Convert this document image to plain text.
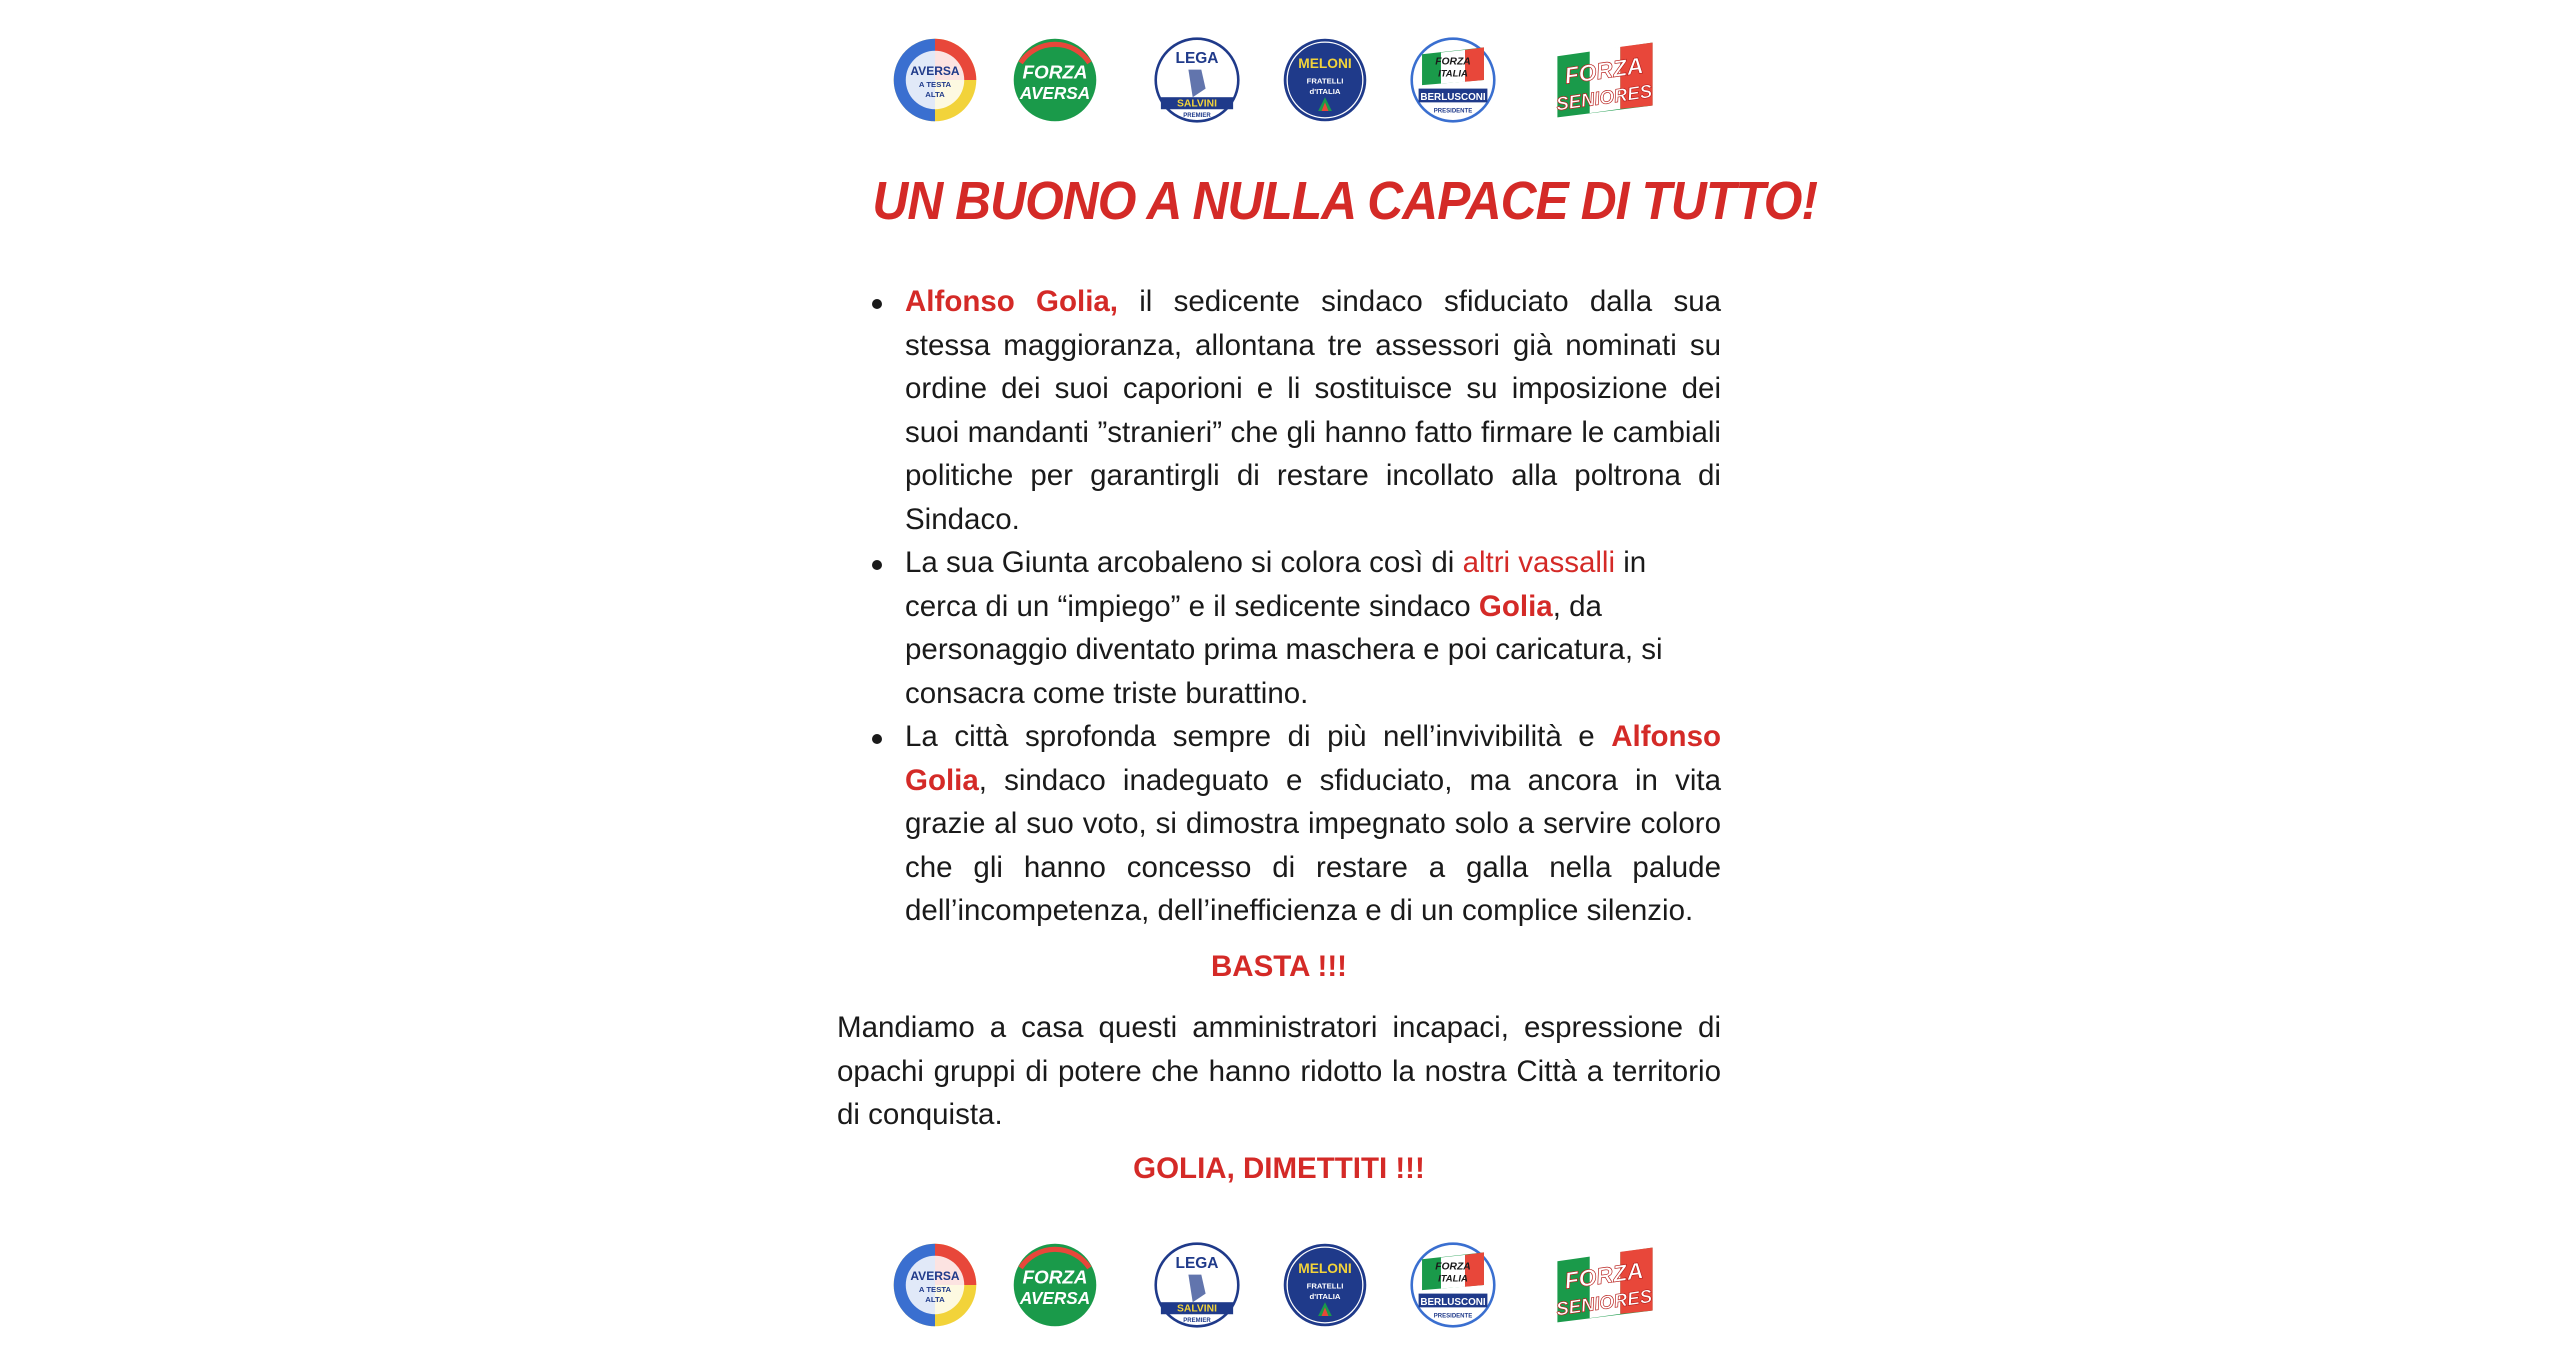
AVERSA
A TESTA
ALTA
FORZA
AVERSA
LEGA
SALVINI
PREMIER
MELONI
FRATELLI
d'ITALIA
FORZA
ITALIA
BERLUSCONI
PRESIDENTE
FORZA
SENIORES
UN BUONO A NULLA CAPACE DI TUTTO!
Alfonso Golia, il sedicente sindaco sfiduciato dalla sua stessa maggioranza, allontana tre assessori già nominati su ordine dei suoi caporioni e li sostituisce su imposizione dei suoi mandanti ”stranieri” che gli hanno fatto firmare le cambiali politiche per garantirgli di restare incollato alla poltrona di Sindaco.
La sua Giunta arcobaleno si colora così di altri vassalli in cerca di un “impiego” e il sedicente sindaco Golia, da personaggio diventato prima maschera e poi caricatura, si consacra come triste burattino.
La città sprofonda sempre di più nell’invivibilità e Alfonso Golia, sindaco inadeguato e sfiduciato, ma ancora in vita grazie al suo voto, si dimostra impegnato solo a servire coloro che gli hanno concesso di restare a galla nella palude dell’incompetenza, dell’inefficienza e di un complice silenzio.
BASTA !!!

Mandiamo a casa questi amministratori incapaci, espressione di opachi gruppi di potere che hanno ridotto la nostra Città a territorio di conquista.

GOLIA, DIMETTITI !!!
AVERSA
A TESTA
ALTA
FORZA
AVERSA
LEGA
SALVINI
PREMIER
MELONI
FRATELLI
d'ITALIA
FORZA
ITALIA
BERLUSCONI
PRESIDENTE
FORZA
SENIORES
